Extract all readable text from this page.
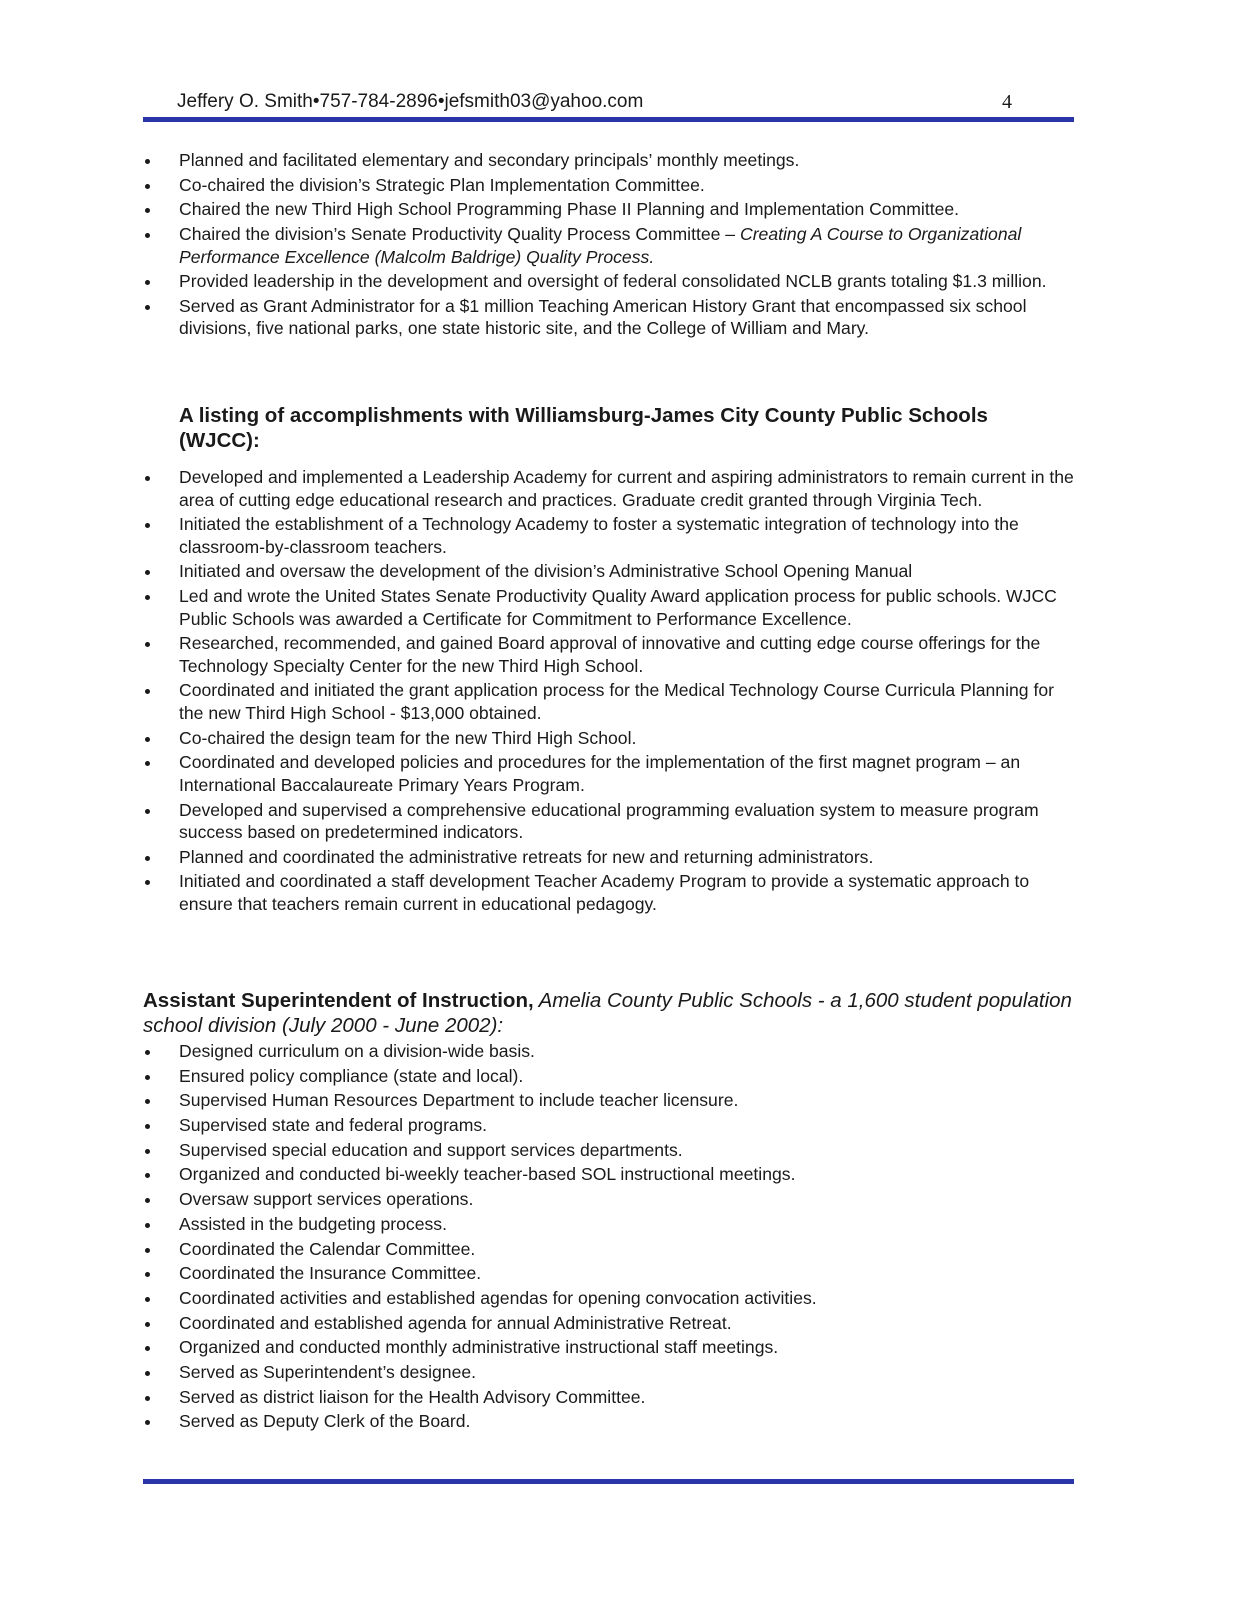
Jeffery O. Smith•757-784-2896•jefsmith03@yahoo.com	4
Planned and facilitated elementary and secondary principals’ monthly meetings.
Co-chaired the division’s Strategic Plan Implementation Committee.
Chaired the new Third High School Programming Phase II Planning and Implementation Committee.
Chaired the division’s Senate Productivity Quality Process Committee – Creating A Course to Organizational Performance Excellence (Malcolm Baldrige) Quality Process.
Provided leadership in the development and oversight of federal consolidated NCLB grants totaling $1.3 million.
Served as Grant Administrator for a $1 million Teaching American History Grant that encompassed six school divisions, five national parks, one state historic site, and the College of William and Mary.
A listing of accomplishments with Williamsburg-James City County Public Schools (WJCC):
Developed and implemented a Leadership Academy for current and aspiring administrators to remain current in the area of cutting edge educational research and practices. Graduate credit granted through Virginia Tech.
Initiated the establishment of a Technology Academy to foster a systematic integration of technology into the classroom-by-classroom teachers.
Initiated and oversaw the development of the division’s Administrative School Opening Manual
Led and wrote the United States Senate Productivity Quality Award application process for public schools. WJCC Public Schools was awarded a Certificate for Commitment to Performance Excellence.
Researched, recommended, and gained Board approval of innovative and cutting edge course offerings for the Technology Specialty Center for the new Third High School.
Coordinated and initiated the grant application process for the Medical Technology Course Curricula Planning for the new Third High School - $13,000 obtained.
Co-chaired the design team for the new Third High School.
Coordinated and developed policies and procedures for the implementation of the first magnet program – an International Baccalaureate Primary Years Program.
Developed and supervised a comprehensive educational programming evaluation system to measure program success based on predetermined indicators.
Planned and coordinated the administrative retreats for new and returning administrators.
Initiated and coordinated a staff development Teacher Academy Program to provide a systematic approach to ensure that teachers remain current in educational pedagogy.
Assistant Superintendent of Instruction, Amelia County Public Schools - a 1,600 student population school division (July 2000 - June 2002):
Designed curriculum on a division-wide basis.
Ensured policy compliance (state and local).
Supervised Human Resources Department to include teacher licensure.
Supervised state and federal programs.
Supervised special education and support services departments.
Organized and conducted bi-weekly teacher-based SOL instructional meetings.
Oversaw support services operations.
Assisted in the budgeting process.
Coordinated the Calendar Committee.
Coordinated the Insurance Committee.
Coordinated activities and established agendas for opening convocation activities.
Coordinated and established agenda for annual Administrative Retreat.
Organized and conducted monthly administrative instructional staff meetings.
Served as Superintendent’s designee.
Served as district liaison for the Health Advisory Committee.
Served as Deputy Clerk of the Board.
